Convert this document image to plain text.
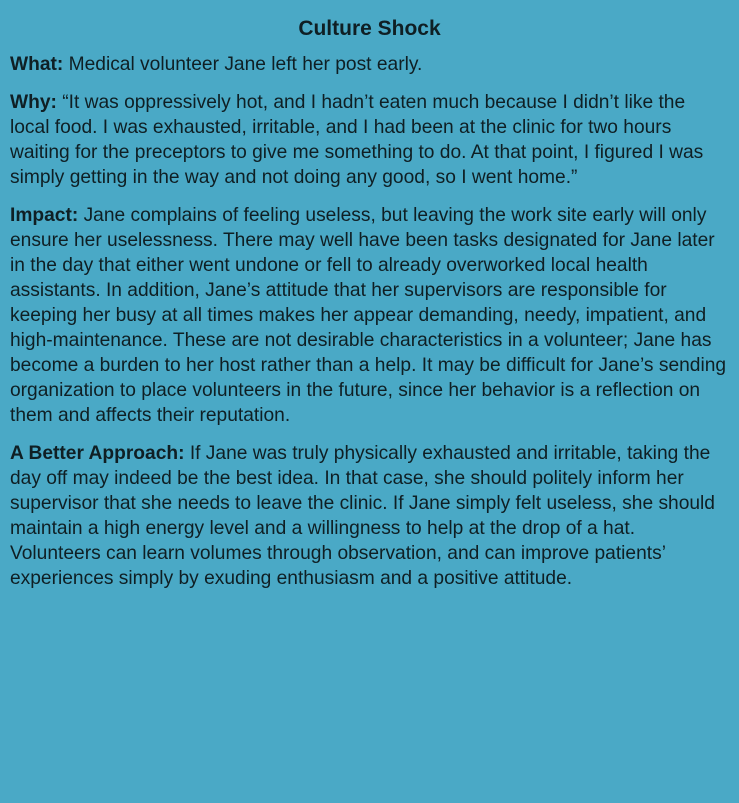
Culture Shock

What: Medical volunteer Jane left her post early.

Why: “It was oppressively hot, and I hadn’t eaten much because I didn’t like the local food. I was exhausted, irritable, and I had been at the clinic for two hours waiting for the preceptors to give me something to do. At that point, I figured I was simply getting in the way and not doing any good, so I went home.”

Impact: Jane complains of feeling useless, but leaving the work site early will only ensure her uselessness. There may well have been tasks designated for Jane later in the day that either went undone or fell to already overworked local health assistants. In addition, Jane’s attitude that her supervisors are responsible for keeping her busy at all times makes her appear demanding, needy, impatient, and high-maintenance. These are not desirable characteristics in a volunteer; Jane has become a burden to her host rather than a help. It may be difficult for Jane’s sending organization to place volunteers in the future, since her behavior is a reflection on them and affects their reputation.

A Better Approach: If Jane was truly physically exhausted and irritable, taking the day off may indeed be the best idea. In that case, she should politely inform her supervisor that she needs to leave the clinic. If Jane simply felt useless, she should maintain a high energy level and a willingness to help at the drop of a hat. Volunteers can learn volumes through observation, and can improve patients’ experiences simply by exuding enthusiasm and a positive attitude.
